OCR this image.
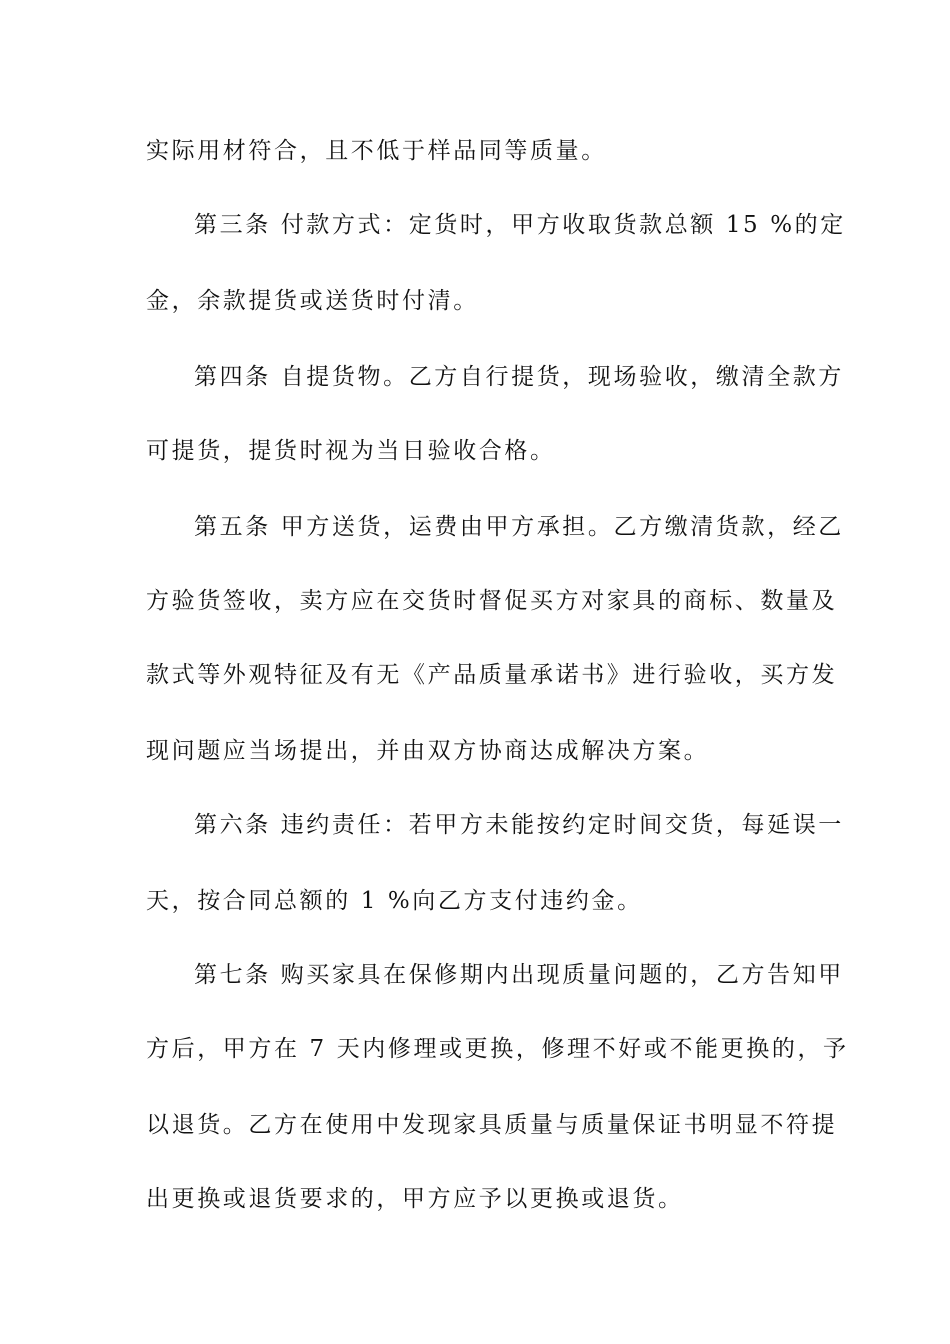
实际用材符合，且不低于样品同等质量。
第三条 付款方式：定货时，甲方收取货款总额 15 %的定
金，余款提货或送货时付清。
第四条 自提货物。乙方自行提货，现场验收，缴清全款方
可提货，提货时视为当日验收合格。
第五条 甲方送货，运费由甲方承担。乙方缴清货款，经乙
方验货签收，卖方应在交货时督促买方对家具的商标、数量及
款式等外观特征及有无《产品质量承诺书》进行验收，买方发
现问题应当场提出，并由双方协商达成解决方案。
第六条 违约责任：若甲方未能按约定时间交货，每延误一
天，按合同总额的 1 %向乙方支付违约金。
第七条 购买家具在保修期内出现质量问题的，乙方告知甲
方后，甲方在 7 天内修理或更换，修理不好或不能更换的，予
以退货。乙方在使用中发现家具质量与质量保证书明显不符提
出更换或退货要求的，甲方应予以更换或退货。
